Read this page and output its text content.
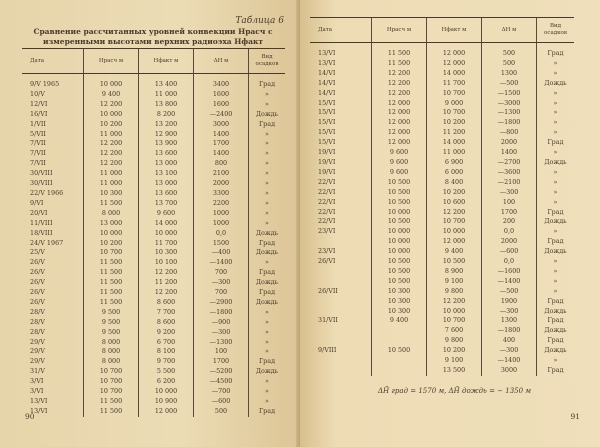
Таблица 6
Сравнение рассчитанных уровней конвекции Нрасч с измеренными высотами верхних радиоэха Нфакт
Дата	Нрасч м	Нфакт м	ΔН м	Вид осадков
9/V 1965	10 000	13 400	3400	Град
10/V	9 400	11 000	1600	»
12/VI	12 200	13 800	1600	»
16/VI	10 000	8 200	—2400	Дождь
1/VII	10 200	13 200	3000	Град
5/VII	11 000	12 900	1400	»
7/VII	12 200	13 900	1700	»
7/VII	12 200	13 600	1400	»
7/VII	12 200	13 000	800	»
30/VIII	11 000	13 100	2100	»
30/VIII	11 000	13 000	2000	»
22/V 1966	10 300	13 600	3300	»
9/VI	11 500	13 700	2200	»
20/VI	8 000	9 600	1000	»
11/VIII	13 000	14 000	1000	»
18/VIII	10 000	10 000	0,0	Дождь
24/V 1967	10 200	11 700	1500	Град
25/V	10 700	10 300	—400	Дождь
26/V	11 500	10 100	—1400	»
26/V	11 500	12 200	700	Град
26/V	11 500	11 200	—300	Дождь
26/V	11 500	12 200	700	Град
26/V	11 500	8 600	—2900	Дождь
28/V	9 500	7 700	—1800	»
28/V	9 500	8 600	—900	»
28/V	9 500	9 200	—300	»
29/V	8 000	6 700	—1300	»
29/V	8 000	8 100	100	»
29/V	8 000	9 700	1700	Град
31/V	10 700	5 500	—5200	Дождь
3/VI	10 700	6 200	—4500	»
3/VI	10 700	10 000	—700	»
13/VI	11 500	10 900	—600	»
13/VI	11 500	12 000	500	Град
90
Дата	Нрасч м	Нфакт м	ΔН м	Вид осадков
13/VI	11 500	12 000	500	Град
13/VI	11 500	12 000	500	»
14/VI	12 200	14 000	1300	»
14/VI	12 200	11 700	—500	Дождь
14/VI	12 200	10 700	—1500	»
15/VI	12 000	9 000	—3000	»
15/VI	12 000	10 700	—1300	»
15/VI	12 000	10 200	—1800	»
15/VI	12 000	11 200	—800	»
15/VI	12 000	14 000	2000	Град
19/VI	9 600	11 000	1400	»
19/VI	9 600	6 900	—2700	Дождь
19/VI	9 600	6 000	—3600	»
22/VI	10 500	8 400	—2100	»
22/VI	10 500	10 200	—300	»
22/VI	10 500	10 600	100	»
22/VI	10 000	12 200	1700	Град
22/VI	10 500	10 700	200	Дождь
23/VI	10 000	10 000	0,0	»
	10 000	12 000	2000	Град
23/VI	10 000	9 400	—600	Дождь
26/VI	10 500	10 500	0,0	»
	10 500	8 900	—1600	»
	10 500	9 100	—1400	»
26/VII	10 300	9 800	—500	»
	10 300	12 200	1900	Град
	10 300	10 000	—300	Дождь
31/VII	9 400	10 700	1300	Град
		7 600	—1800	Дождь
		9 800	400	Град
9/VIII	10 500	10 200	—300	Дождь
		9 100	—1400	»
		13 500	3000	Град
ΔН̄ град = 1570 м, ΔН̄ дождь = − 1350 м
91
